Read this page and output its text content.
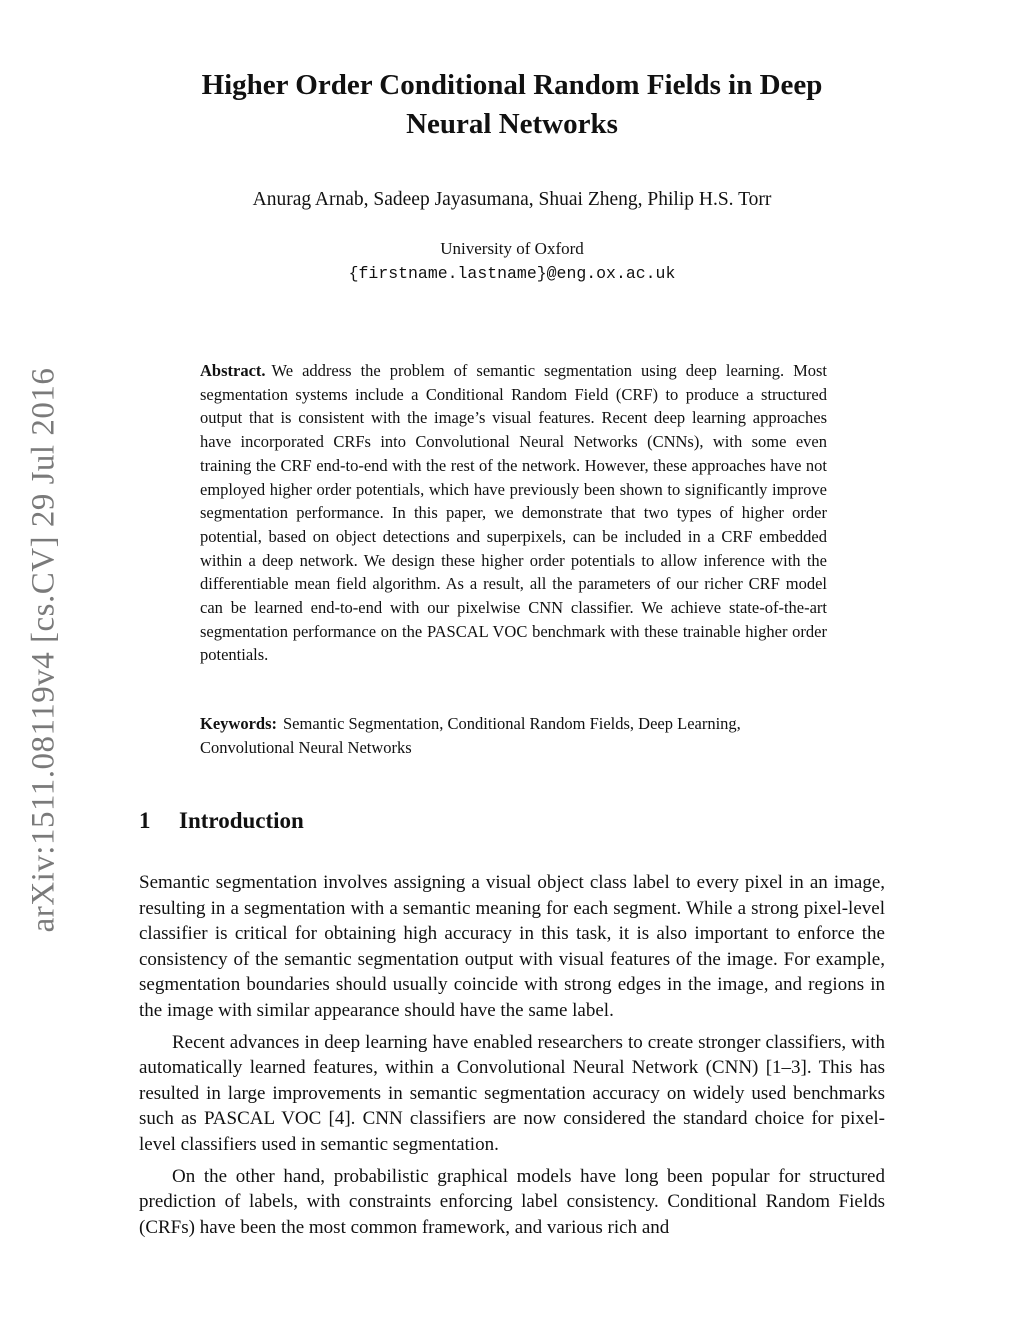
arXiv:1511.08119v4 [cs.CV] 29 Jul 2016
Higher Order Conditional Random Fields in Deep
Neural Networks
Anurag Arnab, Sadeep Jayasumana, Shuai Zheng, Philip H.S. Torr
University of Oxford
{firstname.lastname}@eng.ox.ac.uk
Abstract. We address the problem of semantic segmentation using deep learning. Most segmentation systems include a Conditional Random Field (CRF) to produce a structured output that is consistent with the image’s visual features. Recent deep learning approaches have incorporated CRFs into Convolutional Neural Networks (CNNs), with some even training the CRF end-to-end with the rest of the network. However, these approaches have not employed higher order potentials, which have previously been shown to significantly improve segmentation performance. In this paper, we demonstrate that two types of higher order potential, based on object detections and superpixels, can be included in a CRF embedded within a deep network. We design these higher order potentials to allow inference with the differentiable mean field algorithm. As a result, all the parameters of our richer CRF model can be learned end-to-end with our pixelwise CNN classifier. We achieve state-of-the-art segmentation performance on the PASCAL VOC benchmark with these trainable higher order potentials.
Keywords: Semantic Segmentation, Conditional Random Fields, Deep Learning, Convolutional Neural Networks
1 Introduction

Semantic segmentation involves assigning a visual object class label to every pixel in an image, resulting in a segmentation with a semantic meaning for each segment. While a strong pixel-level classifier is critical for obtaining high accuracy in this task, it is also important to enforce the consistency of the semantic segmentation output with visual features of the image. For example, segmentation boundaries should usually coincide with strong edges in the image, and regions in the image with similar appearance should have the same label.

Recent advances in deep learning have enabled researchers to create stronger classifiers, with automatically learned features, within a Convolutional Neural Network (CNN) [1–3]. This has resulted in large improvements in semantic segmentation accuracy on widely used benchmarks such as PASCAL VOC [4]. CNN classifiers are now considered the standard choice for pixel-level classifiers used in semantic segmentation.

On the other hand, probabilistic graphical models have long been popular for structured prediction of labels, with constraints enforcing label consistency. Conditional Random Fields (CRFs) have been the most common framework, and various rich and
